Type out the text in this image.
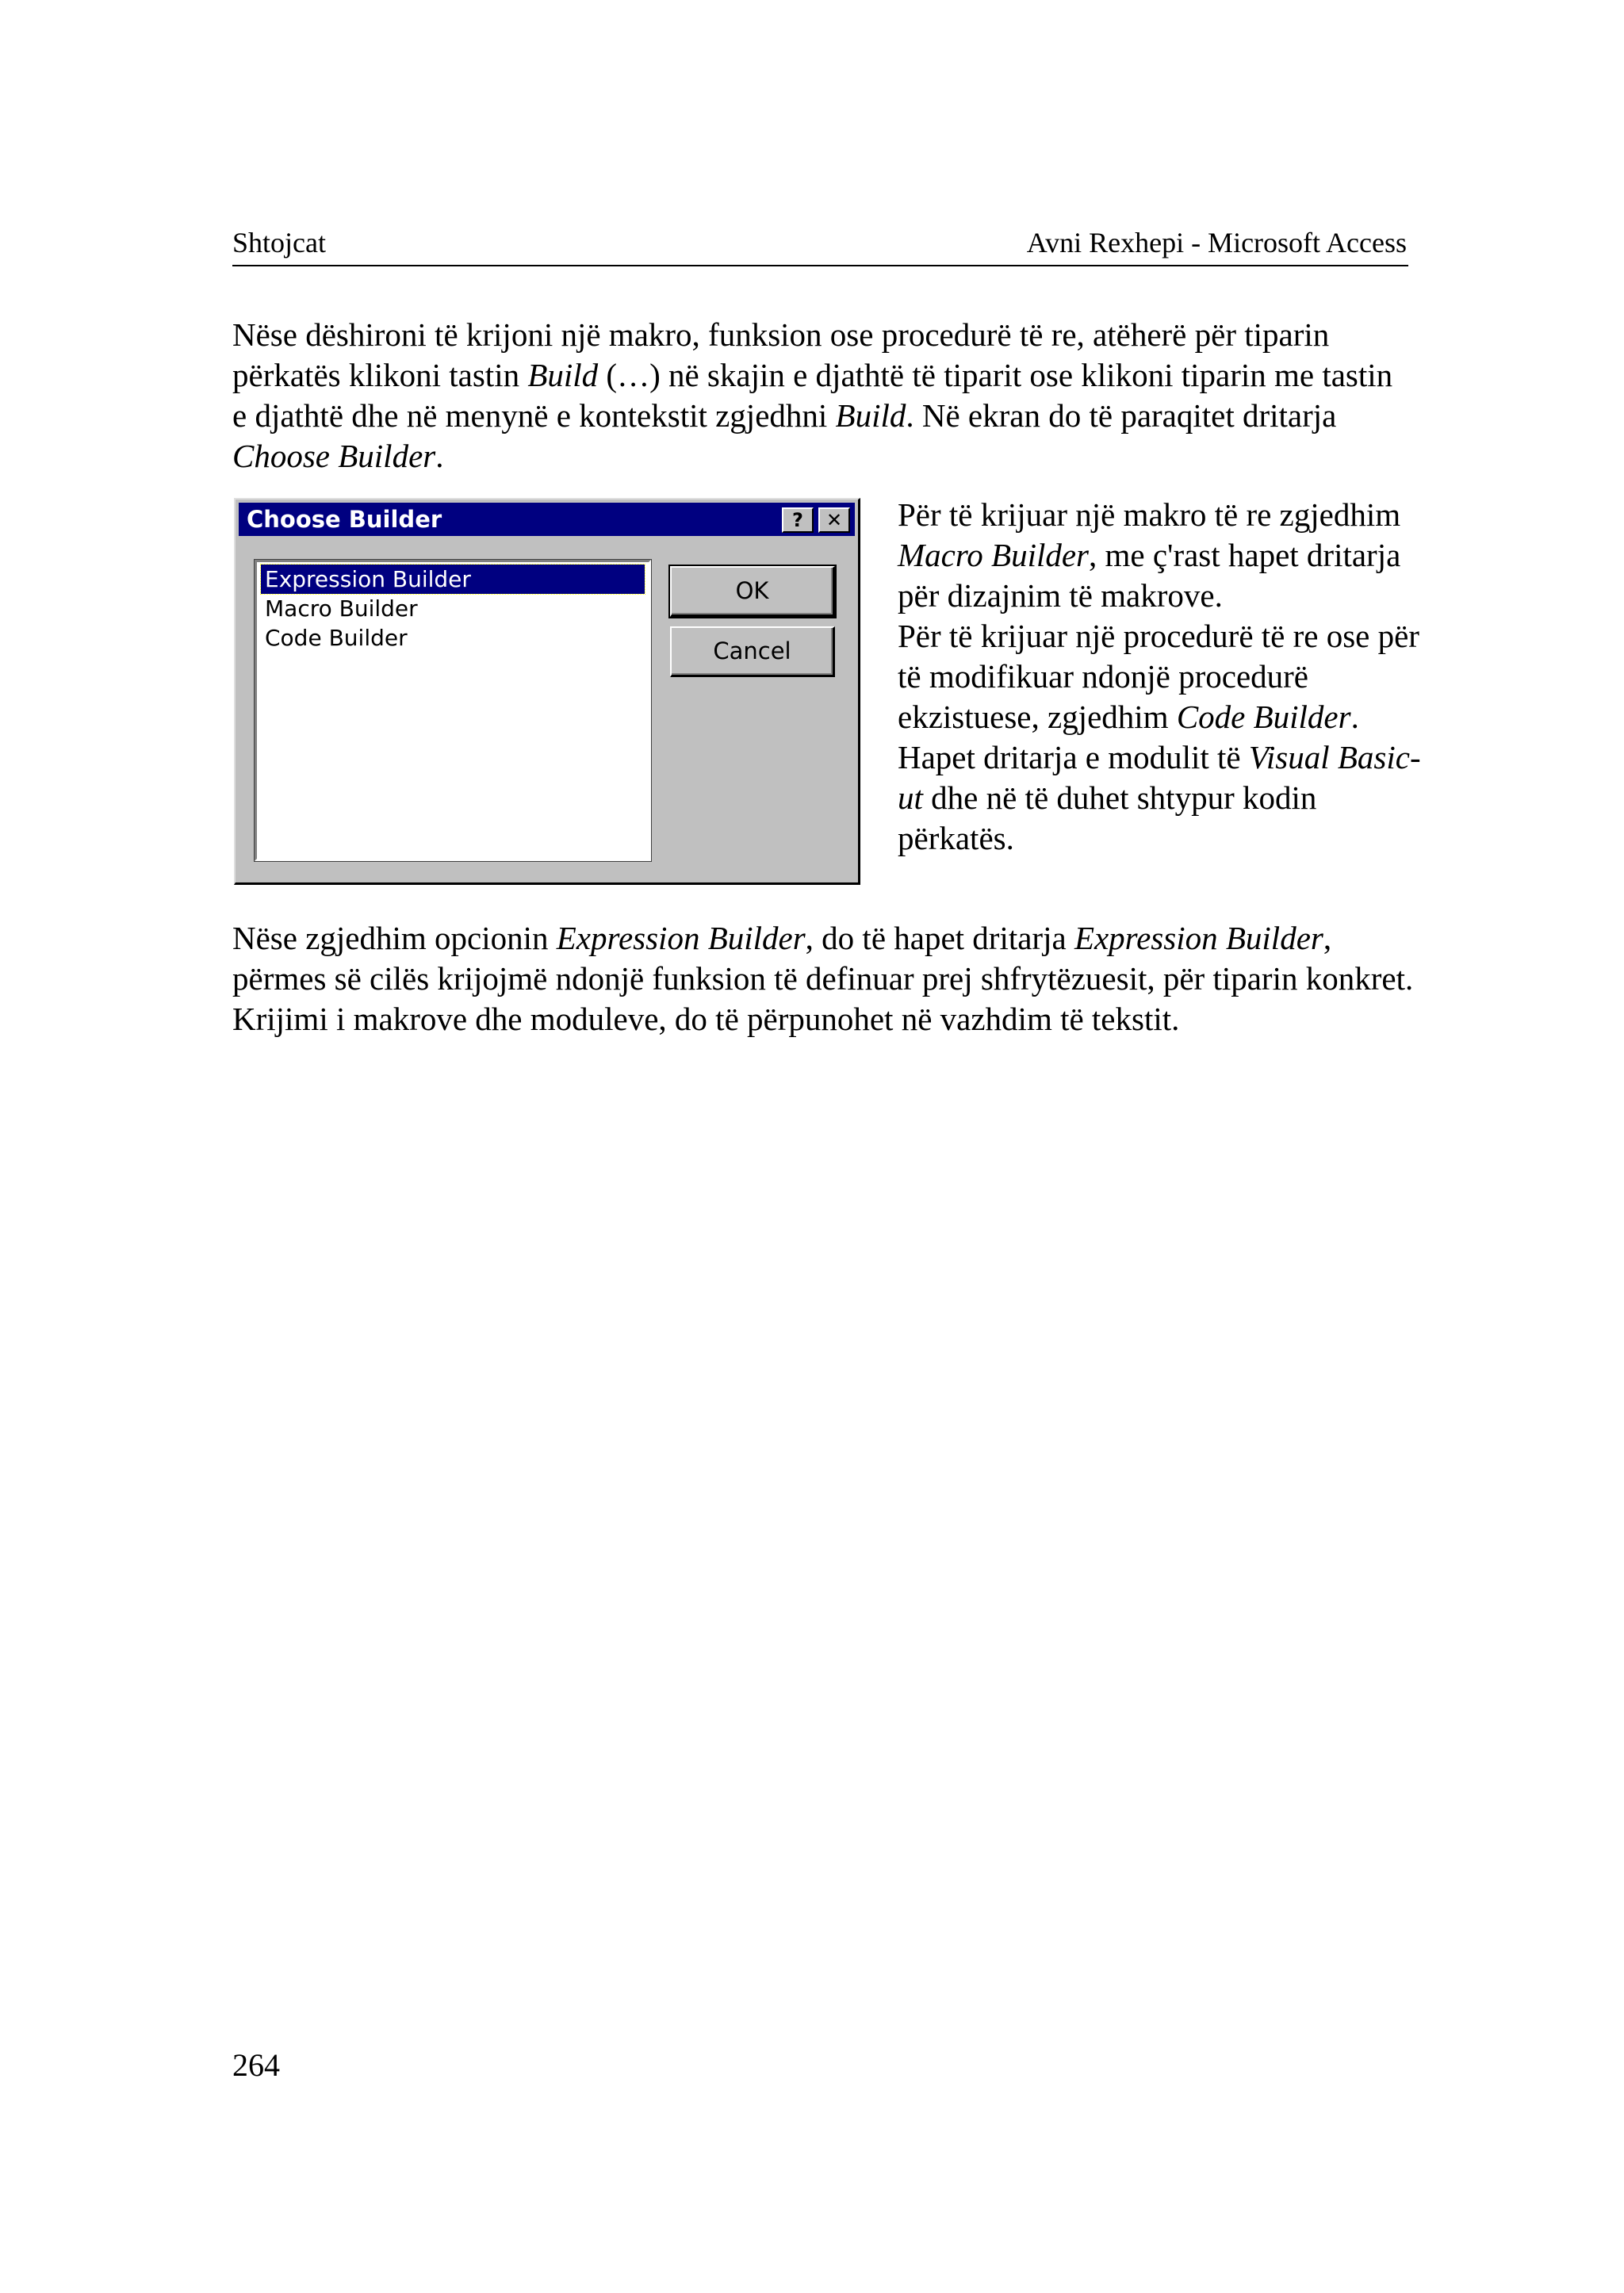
Shtojcat	Avni Rexhepi - Microsoft Access

Nëse dëshironi të krijoni një makro, funksion ose procedurë të re, atëherë për tiparin përkatës klikoni tastin Build (…) në skajin e djathtë të tiparit ose klikoni tiparin me tastin e djathtë dhe në menynë e kontekstit zgjedhni Build. Në ekran do të paraqitet dritarja Choose Builder.

Choose Builder	?	✕
Expression Builder
Macro Builder
Code Builder
OK
Cancel

Për të krijuar një makro të re zgjedhim Macro Builder, me ç'rast hapet dritarja për dizajnim të makrove.

Për të krijuar një procedurë të re ose për të modifikuar ndonjë procedurë ekzistuese, zgjedhim Code Builder. Hapet dritarja e modulit të Visual Basic-ut dhe në të duhet shtypur kodin përkatës.

Nëse zgjedhim opcionin Expression Builder, do të hapet dritarja Expression Builder, përmes së cilës krijojmë ndonjë funksion të definuar prej shfrytëzuesit, për tiparin konkret.

Krijimi i makrove dhe moduleve, do të përpunohet në vazhdim të tekstit.

264
